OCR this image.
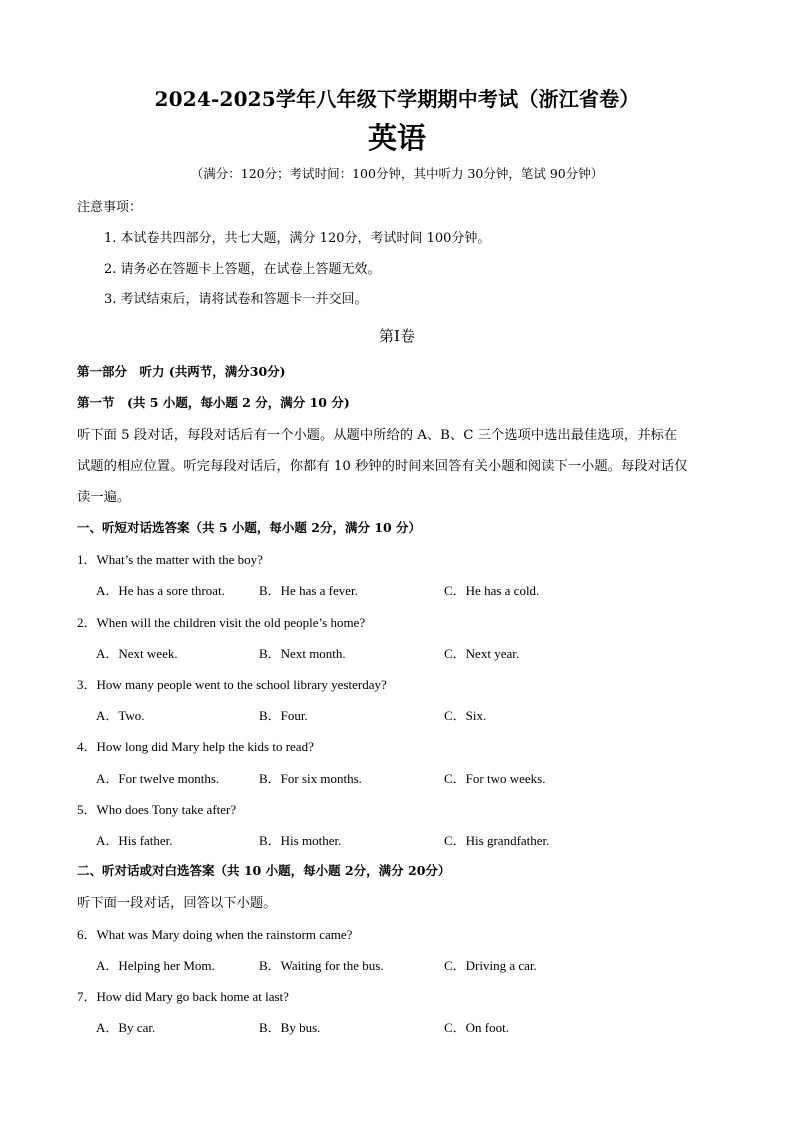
2024-2025学年八年级下学期期中考试（浙江省卷）
英语
（满分：120分；考试时间：100分钟，其中听力 30分钟，笔试 90分钟）
注意事项：
1. 本试卷共四部分，共七大题，满分 120分，考试时间 100分钟。
2. 请务必在答题卡上答题，在试卷上答题无效。
3. 考试结束后，请将试卷和答题卡一并交回。
第I卷
第一部分　听力 (共两节，满分30分)
第一节　(共 5 小题，每小题 2 分，满分 10 分)
听下面 5 段对话，每段对话后有一个小题。从题中所给的 A、B、C 三个选项中选出最佳选项，并标在
试题的相应位置。听完每段对话后，你都有 10 秒钟的时间来回答有关小题和阅读下一小题。每段对话仅
读一遍。
一、听短对话选答案（共 5 小题，每小题 2分，满分 10 分）
1．What’s the matter with the boy?
A．He has a sore throat.	B．He has a fever.	C．He has a cold.
2．When will the children visit the old people’s home?
A．Next week.	B．Next month.	C．Next year.
3．How many people went to the school library yesterday?
A．Two.	B．Four.	C．Six.
4．How long did Mary help the kids to read?
A．For twelve months.	B．For six months.	C．For two weeks.
5．Who does Tony take after?
A．His father.	B．His mother.	C．His grandfather.
二、听对话或对白选答案（共 10 小题，每小题 2分，满分 20分）
听下面一段对话，回答以下小题。
6．What was Mary doing when the rainstorm came?
A．Helping her Mom.	B．Waiting for the bus.	C．Driving a car.
7．How did Mary go back home at last?
A．By car.	B．By bus.	C．On foot.
